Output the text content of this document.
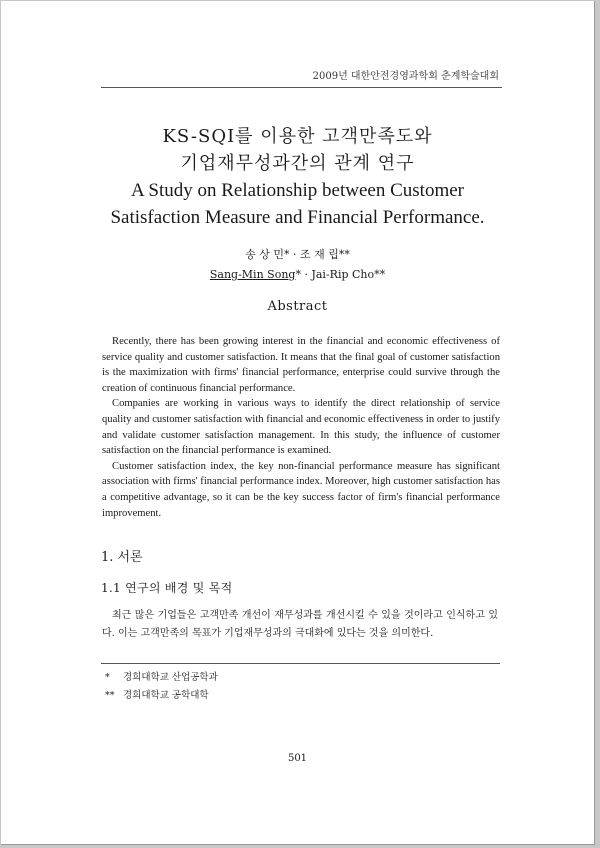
2009년 대한안전경영과학회 춘계학술대회

KS-SQI를 이용한 고객만족도와

기업재무성과간의 관계 연구

A Study on Relationship between Customer

Satisfaction Measure and Financial Performance.

송 상 민* · 조 재 립**
Sang-Min Song* · Jai-Rip Cho**
Abstract

Recently, there has been growing interest in the financial and economic effectiveness of service quality and customer satisfaction. It means that the final goal of customer satisfaction is the maximization with firms' financial performance, enterprise could survive through the creation of continuous financial performance.

Companies are working in various ways to identify the direct relationship of service quality and customer satisfaction with financial and economic effectiveness in order to justify and validate customer satisfaction management. In this study, the influence of customer satisfaction on the financial performance is examined.

Customer satisfaction index, the key non-financial performance measure has significant association with firms' financial performance index. Moreover, high customer satisfaction has a competitive advantage, so it can be the key success factor of firm's financial performance improvement.

1. 서론
1.1 연구의 배경 및 목적

최근 많은 기업들은 고객만족 개선이 재무성과를 개선시킬 수 있을 것이라고 인식하고 있다. 이는 고객만족의 목표가 기업재무성과의 극대화에 있다는 것을 의미한다.

* 경희대학교 산업공학과
** 경희대학교 공학대학
501
